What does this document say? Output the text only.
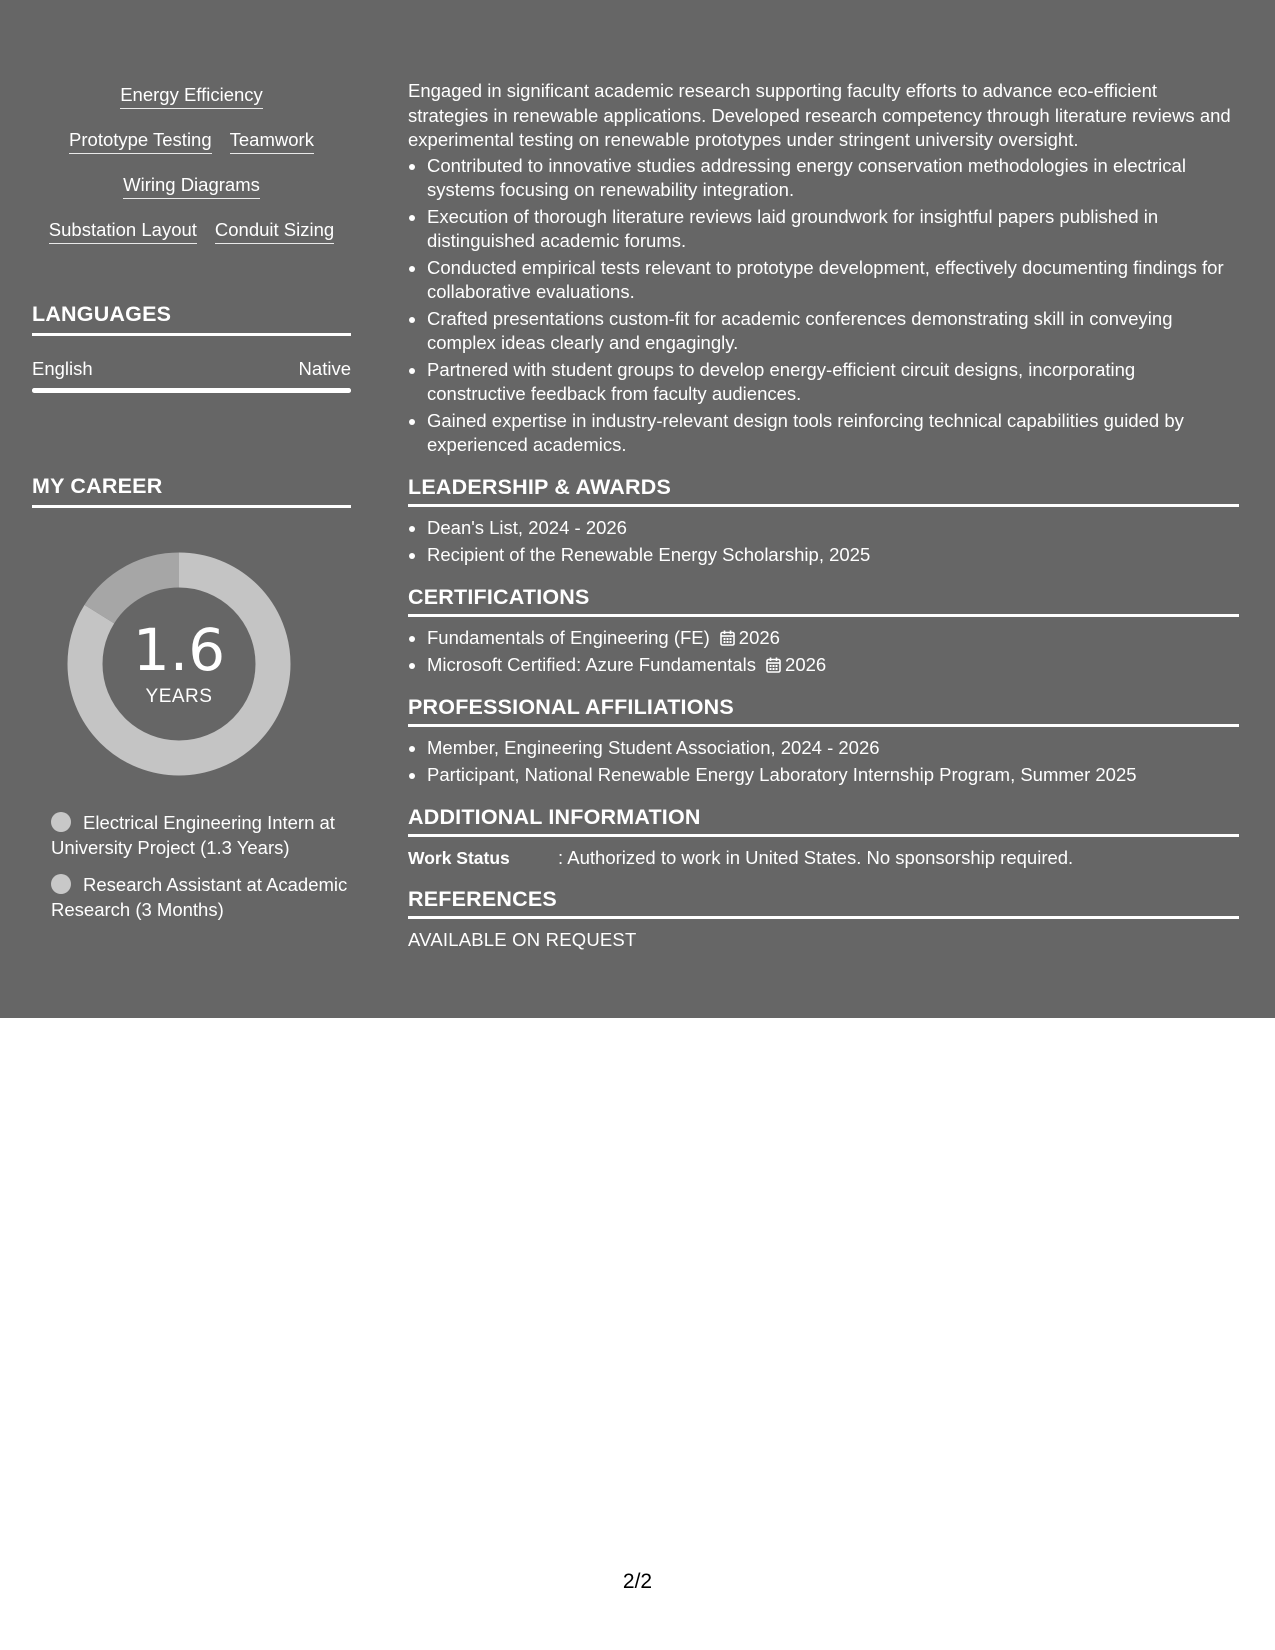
Energy Efficiency
Prototype Testing Teamwork
Wiring Diagrams
Substation Layout Conduit Sizing
LANGUAGES
English	Native
MY CAREER
1.6
YEARS
Electrical Engineering Intern at University Project (1.3 Years)
Research Assistant at Academic Research (3 Months)

Engaged in significant academic research supporting faculty efforts to advance eco-efficient strategies in renewable applications. Developed research competency through literature reviews and experimental testing on renewable prototypes under stringent university oversight.

Contributed to innovative studies addressing energy conservation methodologies in electrical systems focusing on renewability integration.
Execution of thorough literature reviews laid groundwork for insightful papers published in distinguished academic forums.
Conducted empirical tests relevant to prototype development, effectively documenting findings for collaborative evaluations.
Crafted presentations custom-fit for academic conferences demonstrating skill in conveying complex ideas clearly and engagingly.
Partnered with student groups to develop energy-efficient circuit designs, incorporating constructive feedback from faculty audiences.
Gained expertise in industry-relevant design tools reinforcing technical capabilities guided by experienced academics.
LEADERSHIP & AWARDS
Dean's List, 2024 - 2026
Recipient of the Renewable Energy Scholarship, 2025
CERTIFICATIONS
Fundamentals of Engineering (FE) 2026
Microsoft Certified: Azure Fundamentals 2026
PROFESSIONAL AFFILIATIONS
Member, Engineering Student Association, 2024 - 2026
Participant, National Renewable Energy Laboratory Internship Program, Summer 2025
ADDITIONAL INFORMATION
Work Status	: Authorized to work in United States. No sponsorship required.
REFERENCES
AVAILABLE ON REQUEST
2/2
